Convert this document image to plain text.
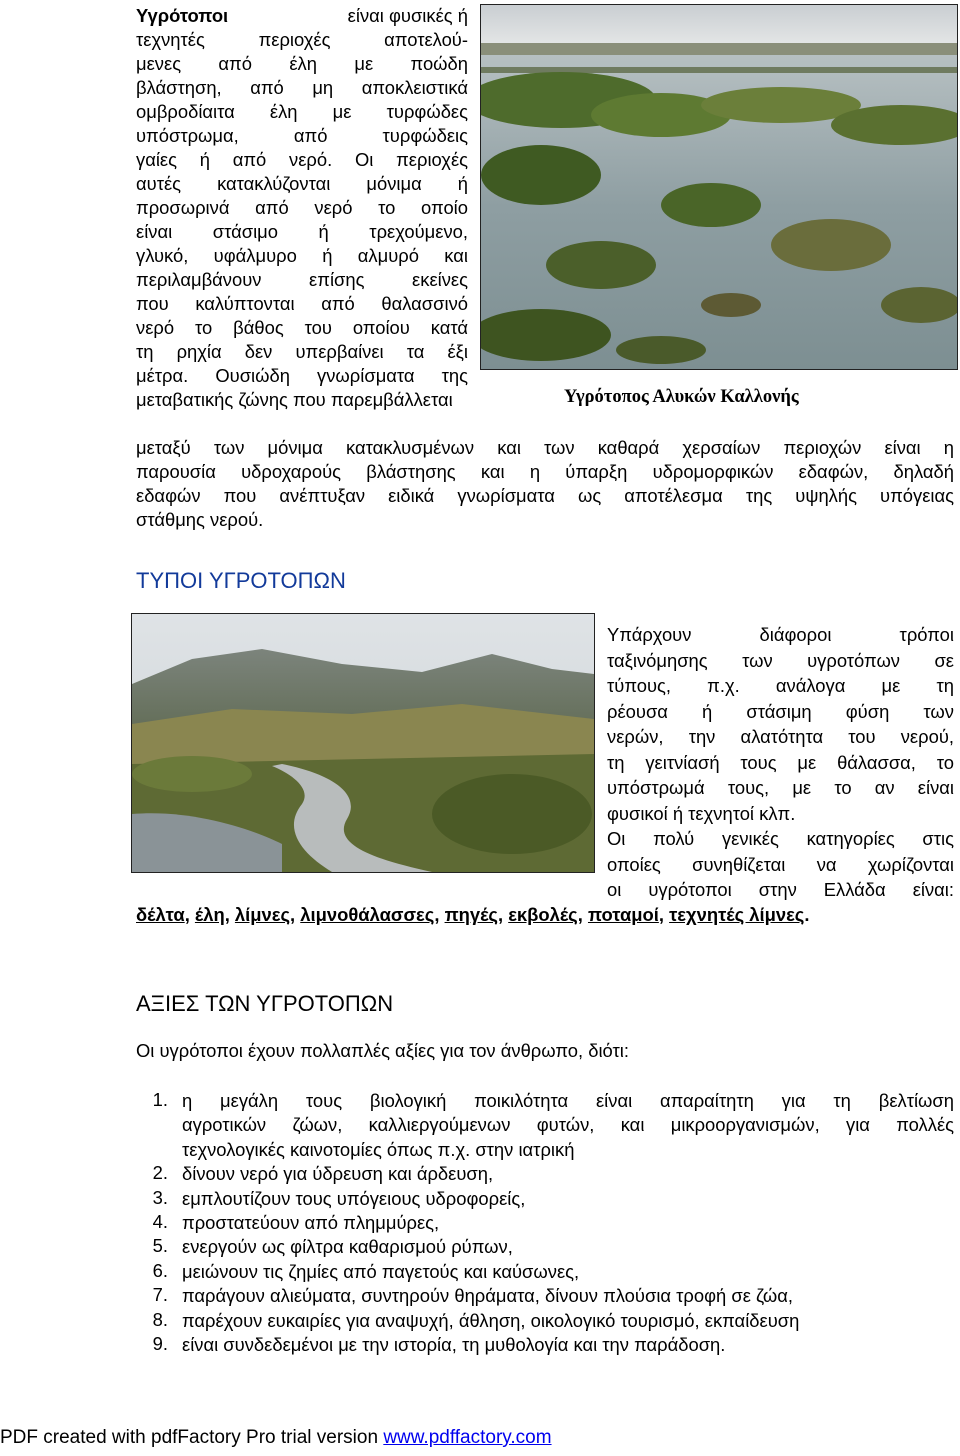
Υγρότοποι	είναι φυσικές ή
τεχνητές περιοχές αποτελού-
μενες από έλη με ποώδη
βλάστηση, από μη αποκλειστικά
ομβροδίαιτα έλη με τυρφώδες
υπόστρωμα, από τυρφώδεις
γαίες ή από νερό. Οι περιοχές
αυτές κατακλύζονται μόνιμα ή
προσωρινά από νερό το οποίο
είναι στάσιμο ή τρεχούμενο,
γλυκό, υφάλμυρο ή αλμυρό και
περιλαμβάνουν επίσης εκείνες
που καλύπτονται από θαλασσινό
νερό το βάθος του οποίου κατά
τη ρηχία δεν υπερβαίνει τα έξι
μέτρα. Ουσιώδη γνωρίσματα της
μεταβατικής ζώνης που παρεμβάλλεται	Υγρότοπος Αλυκών Καλλονής
μεταξύ των μόνιμα κατακλυσμένων και των καθαρά χερσαίων περιοχών είναι η
παρουσία υδροχαρούς βλάστησης και η ύπαρξη υδρομορφικών εδαφών, δηλαδή
εδαφών που ανέπτυξαν ειδικά γνωρίσματα ως αποτέλεσμα της υψηλής υπόγειας
στάθμης νερού.
ΤΥΠΟΙ ΥΓΡΟΤΟΠΩΝ
Υπάρχουν διάφοροι τρόποι
ταξινόμησης των υγροτόπων σε
τύπους, π.χ. ανάλογα με τη
ρέουσα ή στάσιμη φύση των
νερών, την αλατότητα του νερού,
τη γειτνίασή τους με θάλασσα, το
υπόστρωμά τους, με το αν είναι
φυσικοί ή τεχνητοί κλπ.
Οι πολύ γενικές κατηγορίες στις
οποίες συνηθίζεται να χωρίζονται
οι υγρότοποι στην Ελλάδα είναι:
δέλτα, έλη, λίμνες, λιμνοθάλασσες, πηγές, εκβολές, ποταμοί, τεχνητές λίμνες.
ΑΞΙΕΣ ΤΩΝ ΥΓΡΟΤΟΠΩΝ
Οι υγρότοποι έχουν πολλαπλές αξίες για τον άνθρωπο, διότι:
1. η μεγάλη τους βιολογική ποικιλότητα είναι απαραίτητη για τη βελτίωση
αγροτικών ζώων, καλλιεργούμενων φυτών, και μικροοργανισμών, για πολλές
τεχνολογικές καινοτομίες όπως π.χ. στην ιατρική
2. δίνουν νερό για ύδρευση και άρδευση,
3. εμπλουτίζουν τους υπόγειους υδροφορείς,
4. προστατεύουν από πλημμύρες,
5. ενεργούν ως φίλτρα καθαρισμού ρύπων,
6. μειώνουν τις ζημίες από παγετούς και καύσωνες,
7. παράγουν αλιεύματα, συντηρούν θηράματα, δίνουν πλούσια τροφή σε ζώα,
8. παρέχουν ευκαιρίες για αναψυχή, άθληση, οικολογικό τουρισμό, εκπαίδευση
9. είναι συνδεδεμένοι με την ιστορία, τη μυθολογία και την παράδοση.
PDF created with pdfFactory Pro trial version www.pdffactory.com
